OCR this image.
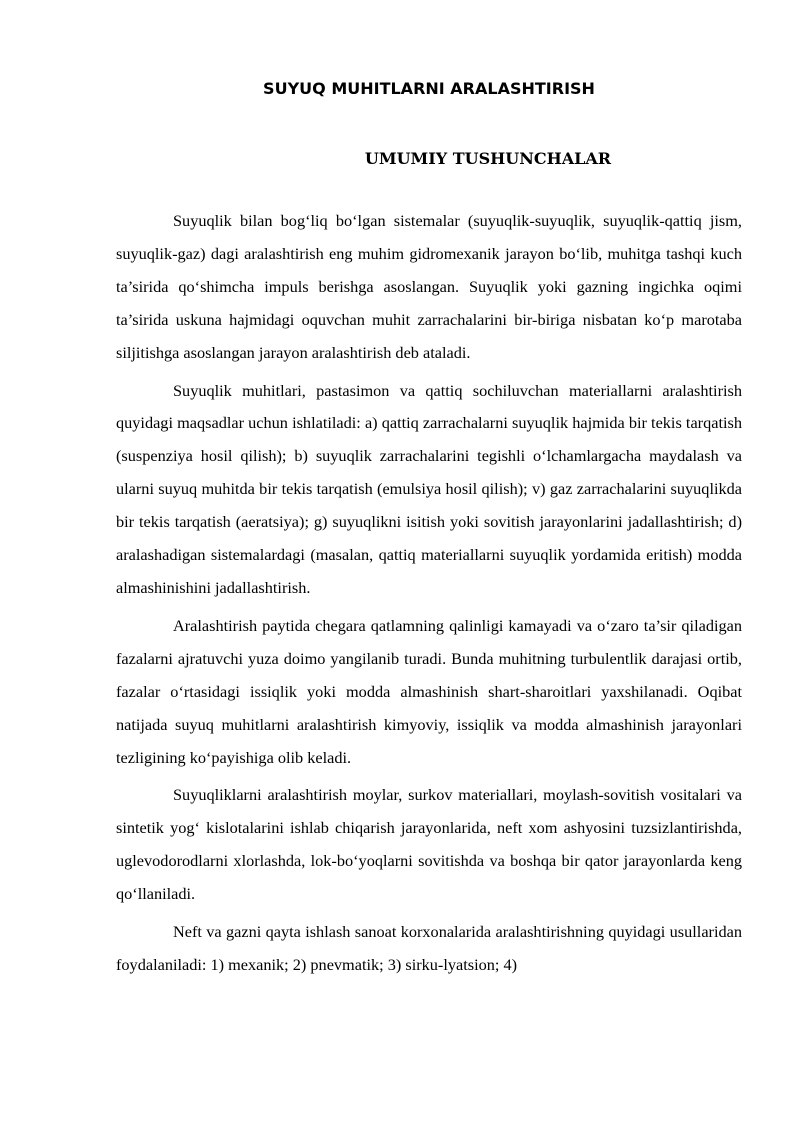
SUYUQ MUHITLARNI ARALASHTIRISH
UMUMIY TUSHUNCHALAR

Suyuqlik bilan bog‘liq bo‘lgan sistemalar (suyuqlik-suyuqlik, suyuqlik-qattiq jism, suyuqlik-gaz) dagi aralashtirish eng muhim gidromexanik jarayon bo‘lib, muhitga tashqi kuch ta’sirida qo‘shimcha impuls berishga asoslangan. Suyuqlik yoki gazning ingichka oqimi ta’sirida uskuna hajmidagi oquvchan muhit zarrachalarini bir-biriga nisbatan ko‘p marotaba siljitishga asoslangan jarayon aralashtirish deb ataladi.

Suyuqlik muhitlari, pastasimon va qattiq sochiluvchan materiallarni aralashtirish quyidagi maqsadlar uchun ishlatiladi: a) qattiq zarrachalarni suyuqlik hajmida bir tekis tarqatish (suspenziya hosil qilish); b) suyuqlik zarrachalarini tegishli o‘lchamlargacha maydalash va ularni suyuq muhitda bir tekis tarqatish (emulsiya hosil qilish); v) gaz zarrachalarini suyuqlikda bir tekis tarqatish (aeratsiya); g) suyuqlikni isitish yoki sovitish jarayonlarini jadallashtirish; d) aralashadigan sistemalardagi (masalan, qattiq materiallarni suyuqlik yordamida eritish) modda almashinishini jadallashtirish.

Aralashtirish paytida chegara qatlamning qalinligi kamayadi va o‘zaro ta’sir qiladigan fazalarni ajratuvchi yuza doimo yangilanib turadi. Bunda muhitning turbulentlik darajasi ortib, fazalar o‘rtasidagi issiqlik yoki modda almashinish shart-sharoitlari yaxshilanadi. Oqibat natijada suyuq muhitlarni aralashtirish kimyoviy, issiqlik va modda almashinish jarayonlari tezligining ko‘payishiga olib keladi.

Suyuqliklarni aralashtirish moylar, surkov materiallari, moylash-sovitish vositalari va sintetik yog‘ kislotalarini ishlab chiqarish jarayonlarida, neft xom ashyosini tuzsizlantirishda, uglevodorodlarni xlorlashda, lok-bo‘yoqlarni sovitishda va boshqa bir qator jarayonlarda keng qo‘llaniladi.

Neft va gazni qayta ishlash sanoat korxonalarida aralashtirishning quyidagi usullaridan foydalaniladi: 1) mexanik; 2) pnevmatik; 3) sirku-lyatsion; 4)
